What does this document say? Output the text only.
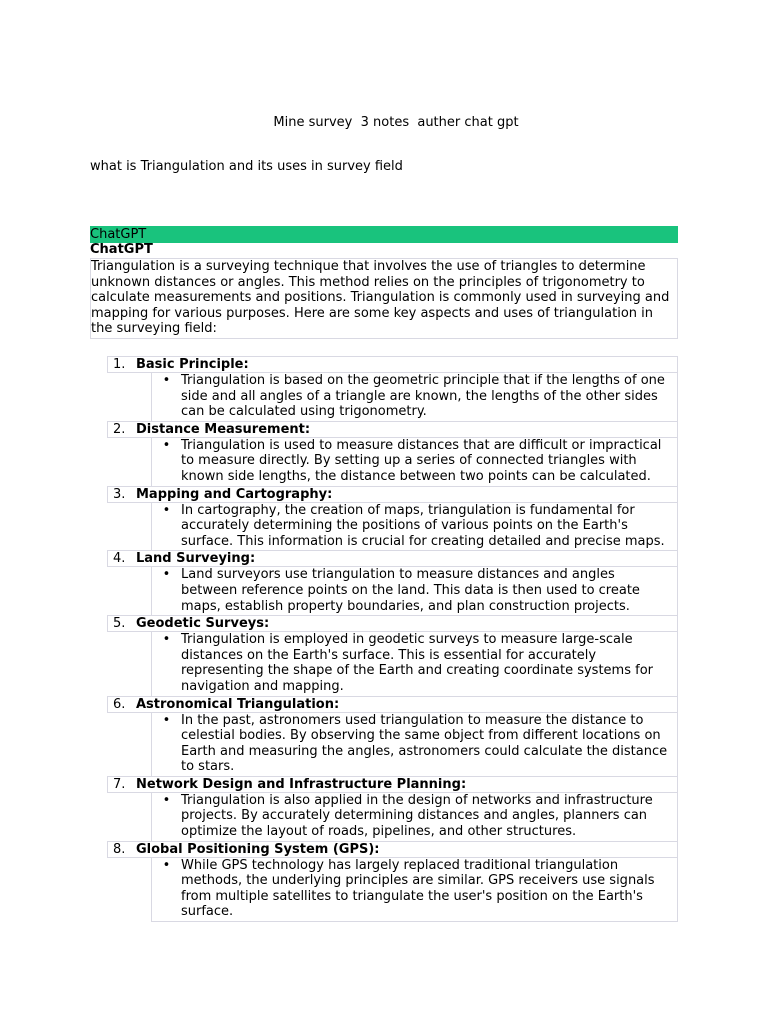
Mine survey  3 notes  auther chat gpt
what is Triangulation and its uses in survey field
ChatGPT
ChatGPT

Triangulation is a surveying technique that involves the use of triangles to determine unknown distances or angles. This method relies on the principles of trigonometry to calculate measurements and positions. Triangulation is commonly used in surveying and mapping for various purposes. Here are some key aspects and uses of triangulation in the surveying field:

1. Basic Principle:
• Triangulation is based on the geometric principle that if the lengths of one side and all angles of a triangle are known, the lengths of the other sides can be calculated using trigonometry.
2. Distance Measurement:
• Triangulation is used to measure distances that are difficult or impractical to measure directly. By setting up a series of connected triangles with known side lengths, the distance between two points can be calculated.
3. Mapping and Cartography:
• In cartography, the creation of maps, triangulation is fundamental for accurately determining the positions of various points on the Earth's surface. This information is crucial for creating detailed and precise maps.
4. Land Surveying:
• Land surveyors use triangulation to measure distances and angles between reference points on the land. This data is then used to create maps, establish property boundaries, and plan construction projects.
5. Geodetic Surveys:
• Triangulation is employed in geodetic surveys to measure large-scale distances on the Earth's surface. This is essential for accurately representing the shape of the Earth and creating coordinate systems for navigation and mapping.
6. Astronomical Triangulation:
• In the past, astronomers used triangulation to measure the distance to celestial bodies. By observing the same object from different locations on Earth and measuring the angles, astronomers could calculate the distance to stars.
7. Network Design and Infrastructure Planning:
• Triangulation is also applied in the design of networks and infrastructure projects. By accurately determining distances and angles, planners can optimize the layout of roads, pipelines, and other structures.
8. Global Positioning System (GPS):
• While GPS technology has largely replaced traditional triangulation methods, the underlying principles are similar. GPS receivers use signals from multiple satellites to triangulate the user's position on the Earth's surface.
